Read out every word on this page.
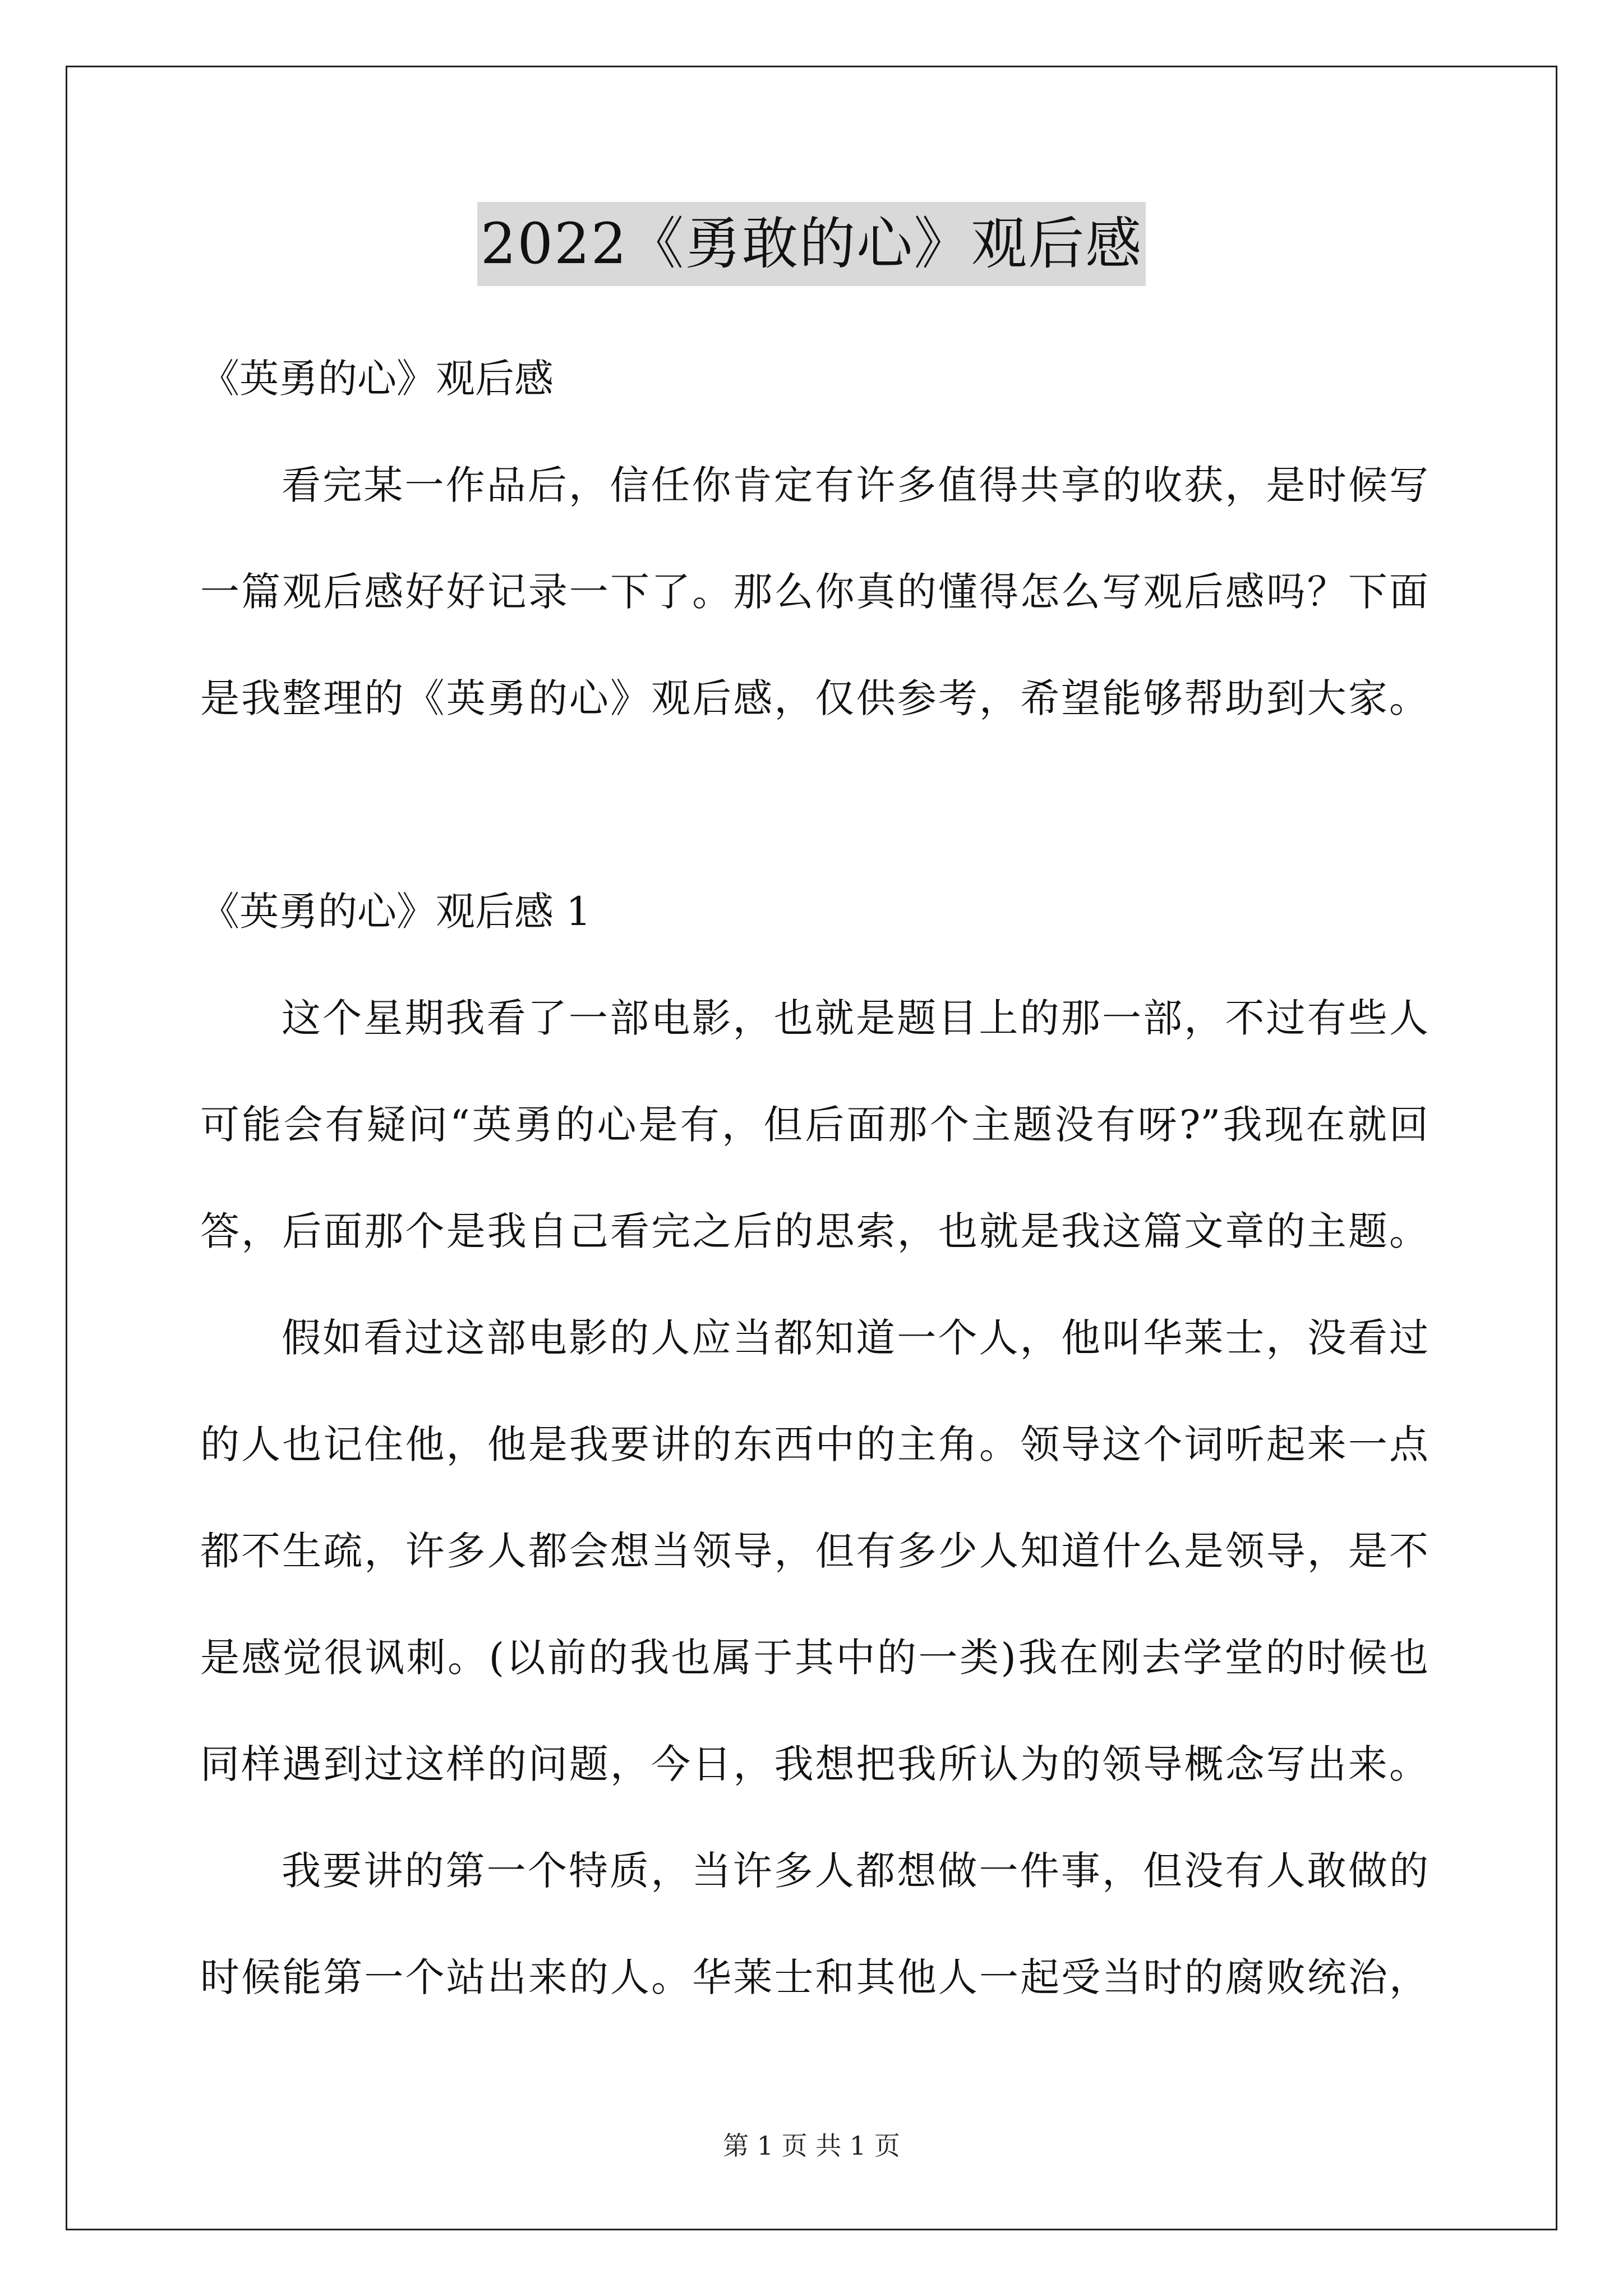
2022《勇敢的心》观后感
《英勇的心》观后感
看完某一作品后，信任你肯定有许多值得共享的收获，是时候写
一篇观后感好好记录一下了。那么你真的懂得怎么写观后感吗？下面
是我整理的《英勇的心》观后感，仅供参考，希望能够帮助到大家。
《英勇的心》观后感 1
这个星期我看了一部电影，也就是题目上的那一部，不过有些人
可能会有疑问“英勇的心是有，但后面那个主题没有呀?”我现在就回
答，后面那个是我自己看完之后的思索，也就是我这篇文章的主题。
假如看过这部电影的人应当都知道一个人，他叫华莱士，没看过
的人也记住他，他是我要讲的东西中的主角。领导这个词听起来一点
都不生疏，许多人都会想当领导，但有多少人知道什么是领导，是不
是感觉很讽刺。(以前的我也属于其中的一类)我在刚去学堂的时候也
同样遇到过这样的问题，今日，我想把我所认为的领导概念写出来。
我要讲的第一个特质，当许多人都想做一件事，但没有人敢做的
时候能第一个站出来的人。华莱士和其他人一起受当时的腐败统治，
第 1 页 共 1 页
